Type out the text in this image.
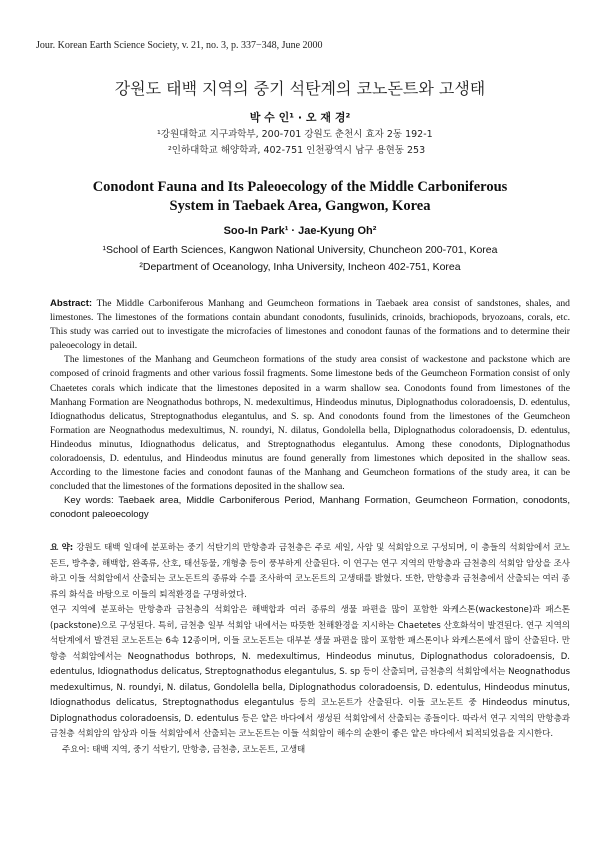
Jour. Korean Earth Science Society, v. 21, no. 3, p. 337−348, June 2000
강원도 태백 지역의 중기 석탄계의 코노돈트와 고생태
박 수 인¹ · 오 재 경²
¹강원대학교 지구과학부, 200-701 강원도 춘천시 효자 2동 192-1
²인하대학교 해양학과, 402-751 인천광역시 남구 용현동 253
Conodont Fauna and Its Paleoecology of the Middle Carboniferous
System in Taebaek Area, Gangwon, Korea
Soo-In Park¹ · Jae-Kyung Oh²
¹School of Earth Sciences, Kangwon National University, Chuncheon 200-701, Korea
²Department of Oceanology, Inha University, Incheon 402-751, Korea

Abstract: The Middle Carboniferous Manhang and Geumcheon formations in Taebaek area consist of sandstones, shales, and limestones. The limestones of the formations contain abundant conodonts, fusulinids, crinoids, brachiopods, bryozoans, corals, etc. This study was carried out to investigate the microfacies of limestones and conodont faunas of the formations and to determine their paleoecology in detail.

The limestones of the Manhang and Geumcheon formations of the study area consist of wackestone and packstone which are composed of crinoid fragments and other various fossil fragments. Some limestone beds of the Geumcheon Formation consist of only Chaetetes corals which indicate that the limestones deposited in a warm shallow sea. Conodonts found from limestones of the Manhang Formation are Neognathodus bothrops, N. medexultimus, Hindeodus minutus, Diplognathodus coloradoensis, D. edentulus, Idiognathodus delicatus, Streptognathodus elegantulus, and S. sp. And conodonts found from the limestones of the Geumcheon Formation are Neognathodus medexultimus, N. roundyi, N. dilatus, Gondolella bella, Diplognathodus coloradoensis, D. edentulus, Hindeodus minutus, Idiognathodus delicatus, and Streptognathodus elegantulus. Among these conodonts, Diplognathodus coloradoensis, D. edentulus, and Hindeodus minutus are found generally from limestones which deposited in the shallow seas. According to the limestone facies and conodont faunas of the Manhang and Geumcheon formations of the study area, it can be concluded that the limestones of the formations deposited in the shallow sea.

Key words: Taebaek area, Middle Carboniferous Period, Manhang Formation, Geumcheon Formation, conodonts, conodont paleoecology

요 약: 강원도 태백 일대에 분포하는 중기 석탄기의 만항층과 금천층은 주로 세일, 사암 및 석회암으로 구성되며, 이 층들의 석회암에서 코노돈트, 방추충, 해백합, 완족류, 산호, 태선동물, 개형충 등이 풍부하게 산출된다. 이 연구는 연구 지역의 만항층과 금천층의 석회암 암상을 조사하고 이들 석회암에서 산출되는 코노돈트의 종류와 수를 조사하여 코노돈트의 고생태를 밝혔다. 또한, 만항층과 금천층에서 산출되는 여러 종류의 화석을 바탕으로 이들의 퇴적환경을 구명하였다.

연구 지역에 분포하는 만항층과 금천층의 석회암은 해백합과 여러 종류의 생물 파편을 많이 포함한 와케스톤(wackestone)과 패스톤(packstone)으로 구성된다. 특히, 금천층 일부 석회암 내에서는 따뜻한 천해환경을 지시하는 Chaetetes 산호화석이 발견된다. 연구 지역의 석탄계에서 발견된 코노돈트는 6속 12종이며, 이들 코노돈트는 대부분 생물 파편을 많이 포함한 패스톤이나 와케스톤에서 많이 산출된다. 만항층 석회암에서는 Neognathodus bothrops, N. medexultimus, Hindeodus minutus, Diplognathodus coloradoensis, D. edentulus, Idiognathodus delicatus, Streptognathodus elegantulus, S. sp 등이 산출되며, 금천층의 석회암에서는 Neognathodus medexultimus, N. roundyi, N. dilatus, Gondolella bella, Diplognathodus coloradoensis, D. edentulus, Hindeodus minutus, Idiognathodus delicatus, Streptognathodus elegantulus 등의 코노돈트가 산출된다. 이들 코노돈트 중 Hindeodus minutus, Diplognathodus coloradoensis, D. edentulus 등은 얕은 바다에서 생성된 석회암에서 산출되는 종들이다. 따라서 연구 지역의 만항층과 금천층 석회암의 암상과 이들 석회암에서 산출되는 코노돈트는 이들 석회암이 해수의 순환이 좋은 얕은 바다에서 퇴적되었음을 지시한다.

주요어: 태백 지역, 중기 석탄기, 만항층, 금천층, 코노돈트, 고생태
